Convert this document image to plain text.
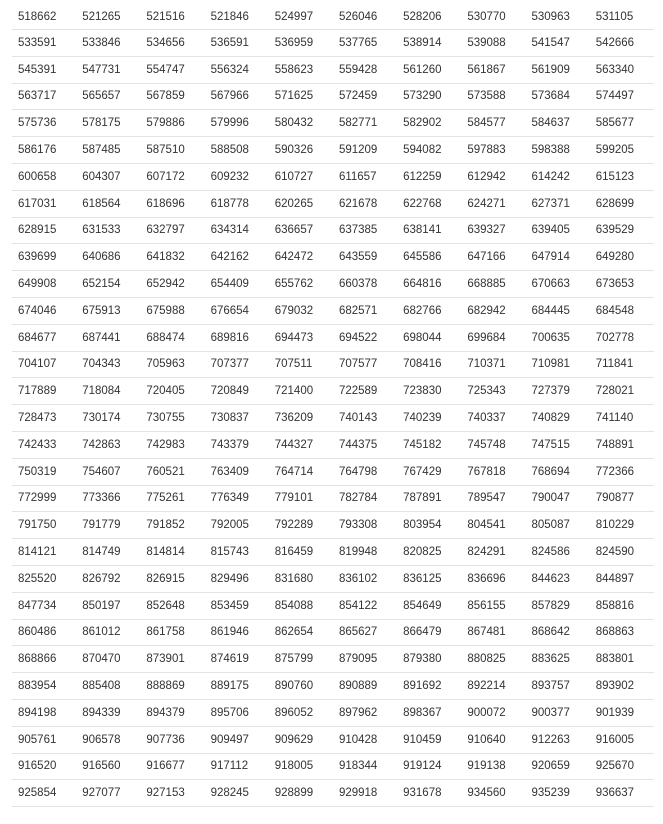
518662	521265	521516	521846	524997	526046	528206	530770	530963	531105
533591	533846	534656	536591	536959	537765	538914	539088	541547	542666
545391	547731	554747	556324	558623	559428	561260	561867	561909	563340
563717	565657	567859	567966	571625	572459	573290	573588	573684	574497
575736	578175	579886	579996	580432	582771	582902	584577	584637	585677
586176	587485	587510	588508	590326	591209	594082	597883	598388	599205
600658	604307	607172	609232	610727	611657	612259	612942	614242	615123
617031	618564	618696	618778	620265	621678	622768	624271	627371	628699
628915	631533	632797	634314	636657	637385	638141	639327	639405	639529
639699	640686	641832	642162	642472	643559	645586	647166	647914	649280
649908	652154	652942	654409	655762	660378	664816	668885	670663	673653
674046	675913	675988	676654	679032	682571	682766	682942	684445	684548
684677	687441	688474	689816	694473	694522	698044	699684	700635	702778
704107	704343	705963	707377	707511	707577	708416	710371	710981	711841
717889	718084	720405	720849	721400	722589	723830	725343	727379	728021
728473	730174	730755	730837	736209	740143	740239	740337	740829	741140
742433	742863	742983	743379	744327	744375	745182	745748	747515	748891
750319	754607	760521	763409	764714	764798	767429	767818	768694	772366
772999	773366	775261	776349	779101	782784	787891	789547	790047	790877
791750	791779	791852	792005	792289	793308	803954	804541	805087	810229
814121	814749	814814	815743	816459	819948	820825	824291	824586	824590
825520	826792	826915	829496	831680	836102	836125	836696	844623	844897
847734	850197	852648	853459	854088	854122	854649	856155	857829	858816
860486	861012	861758	861946	862654	865627	866479	867481	868642	868863
868866	870470	873901	874619	875799	879095	879380	880825	883625	883801
883954	885408	888869	889175	890760	890889	891692	892214	893757	893902
894198	894339	894379	895706	896052	897962	898367	900072	900377	901939
905761	906578	907736	909497	909629	910428	910459	910640	912263	916005
916520	916560	916677	917112	918005	918344	919124	919138	920659	925670
925854	927077	927153	928245	928899	929918	931678	934560	935239	936637
